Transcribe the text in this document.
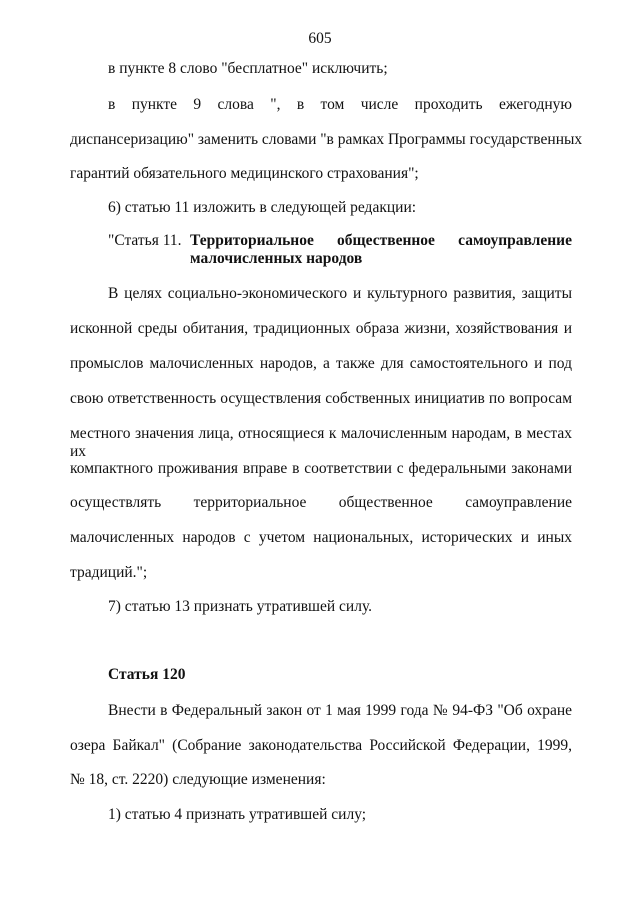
605
в пункте 8 слово "бесплатное" исключить;
в пункте 9 слова ", в том числе проходить ежегодную
диспансеризацию" заменить словами "в рамках Программы государственных
гарантий обязательного медицинского страхования";
6) статью 11 изложить в следующей редакции:
"Статья 11. Территориальное общественное самоуправление
малочисленных народов
В целях социально-экономического и культурного развития, защиты
исконной среды обитания, традиционных образа жизни, хозяйствования и
промыслов малочисленных народов, а также для самостоятельного и под
свою ответственность осуществления собственных инициатив по вопросам
местного значения лица, относящиеся к малочисленным народам, в местах их
компактного проживания вправе в соответствии с федеральными законами
осуществлять территориальное общественное самоуправление
малочисленных народов с учетом национальных, исторических и иных
традиций.";
7) статью 13 признать утратившей силу.
Статья 120
Внести в Федеральный закон от 1 мая 1999 года № 94-ФЗ "Об охране
озера Байкал" (Собрание законодательства Российской Федерации, 1999,
№ 18, ст. 2220) следующие изменения:
1) статью 4 признать утратившей силу;
